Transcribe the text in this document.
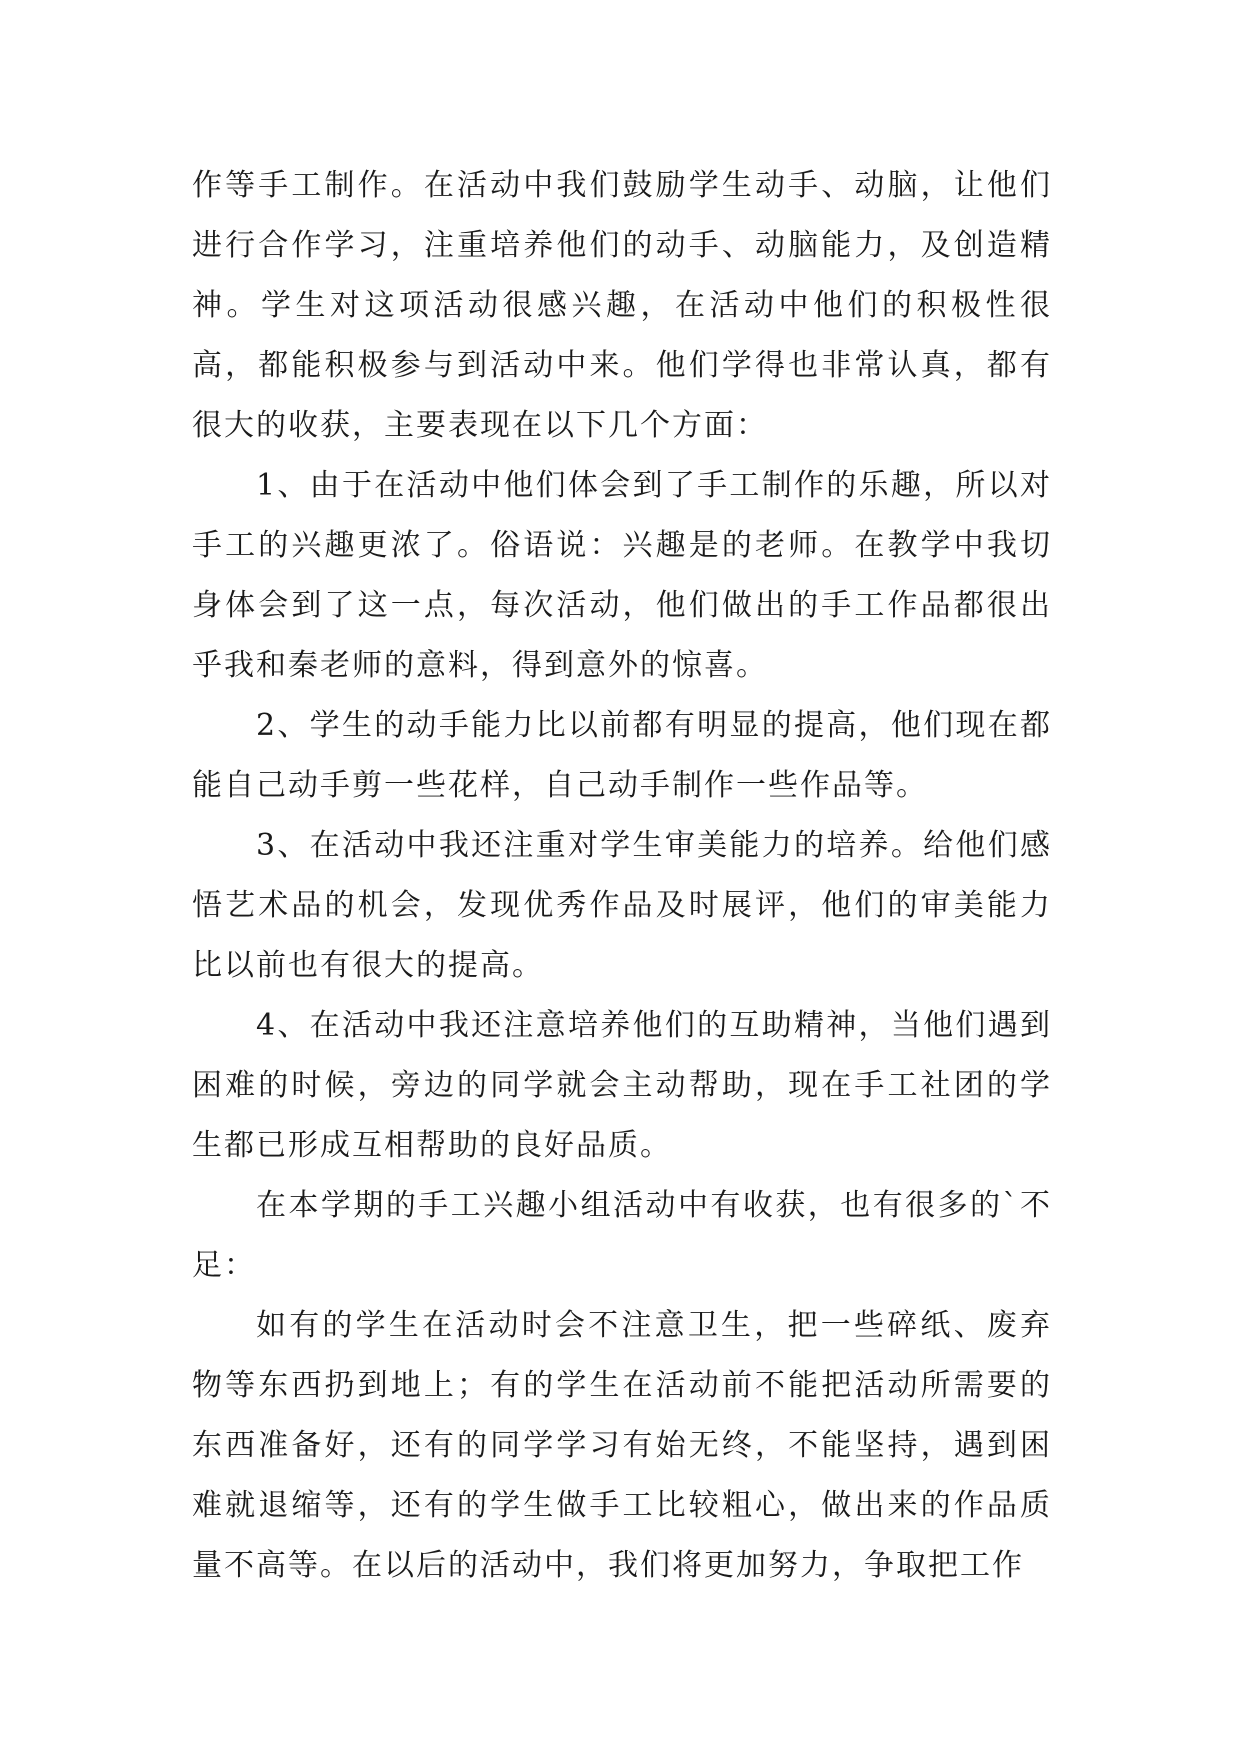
作等手工制作。在活动中我们鼓励学生动手、动脑，让他们进行合作学习，注重培养他们的动手、动脑能力，及创造精神。学生对这项活动很感兴趣，在活动中他们的积极性很高，都能积极参与到活动中来。他们学得也非常认真，都有很大的收获，主要表现在以下几个方面：

1、由于在活动中他们体会到了手工制作的乐趣，所以对手工的兴趣更浓了。俗语说：兴趣是的老师。在教学中我切身体会到了这一点，每次活动，他们做出的手工作品都很出乎我和秦老师的意料，得到意外的惊喜。

2、学生的动手能力比以前都有明显的提高，他们现在都能自己动手剪一些花样，自己动手制作一些作品等。

3、在活动中我还注重对学生审美能力的培养。给他们感悟艺术品的机会，发现优秀作品及时展评，他们的审美能力比以前也有很大的提高。

4、在活动中我还注意培养他们的互助精神，当他们遇到困难的时候，旁边的同学就会主动帮助，现在手工社团的学生都已形成互相帮助的良好品质。

在本学期的手工兴趣小组活动中有收获，也有很多的`不足：

如有的学生在活动时会不注意卫生，把一些碎纸、废弃物等东西扔到地上；有的学生在活动前不能把活动所需要的东西准备好，还有的同学学习有始无终，不能坚持，遇到困难就退缩等，还有的学生做手工比较粗心，做出来的作品质量不高等。在以后的活动中，我们将更加努力，争取把工作
